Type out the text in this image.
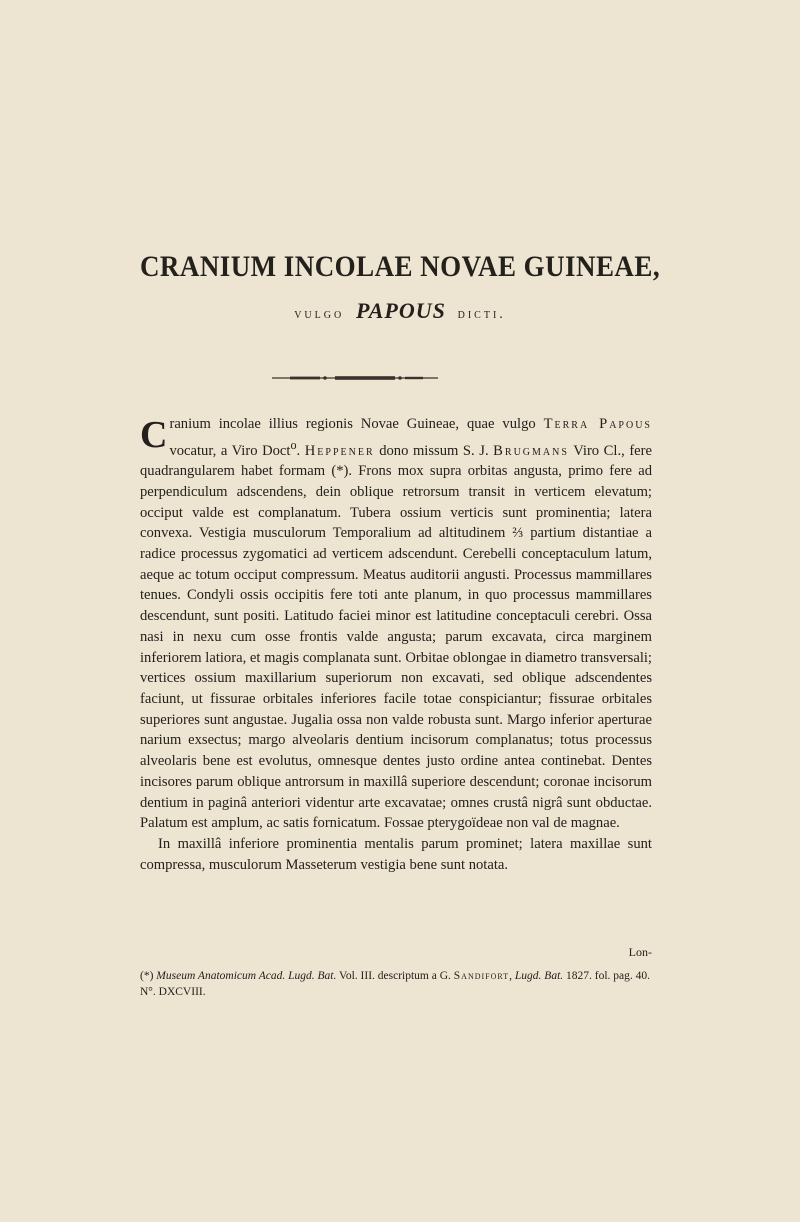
CRANIUM INCOLAE NOVAE GUINEAE,
vulgo PAPOUS dicti.

Cranium incolae illius regionis Novae Guineae, quae vulgo Terra Papous vocatur, a Viro Doct$^o$. Heppener dono missum S. J. Brugmans Viro Cl., fere quadrangularem habet formam (*). Frons mox supra orbitas angusta, primo fere ad perpendiculum adscendens, dein oblique retrorsum transit in verticem elevatum; occiput valde est complanatum. Tubera ossium verticis sunt prominentia; latera convexa. Vestigia musculorum Temporalium ad altitudinem ⅔ partium distantiae a radice processus zygomatici ad verticem adscendunt. Cerebelli conceptaculum latum, aeque ac totum occiput compressum. Meatus auditorii angusti. Processus mammillares tenues. Condyli ossis occipitis fere toti ante planum, in quo processus mammillares descendunt, sunt positi. Latitudo faciei minor est latitudine conceptaculi cerebri. Ossa nasi in nexu cum osse frontis valde angusta; parum excavata, circa marginem inferiorem latiora, et magis complanata sunt. Orbitae oblongae in diametro transversali; vertices ossium maxillarium superiorum non excavati, sed oblique adscendentes faciunt, ut fissurae orbitales inferiores facile totae conspiciantur; fissurae orbitales superiores sunt angustae. Jugalia ossa non valde robusta sunt. Margo inferior aperturae narium exsectus; margo alveolaris dentium incisorum complanatus; totus processus alveolaris bene est evolutus, omnesque dentes justo ordine antea continebat. Dentes incisores parum oblique antrorsum in maxillâ superiore descendunt; coronae incisorum dentium in paginâ anteriori videntur arte excavatae; omnes crustâ nigrâ sunt obductae. Palatum est amplum, ac satis fornicatum. Fossae pterygoïdeae non val de magnae.

In maxillâ inferiore prominentia mentalis parum prominet; latera maxillae sunt compressa, musculorum Masseterum vestigia bene sunt notata.

Lon-
(*) Museum Anatomicum Acad. Lugd. Bat. Vol. III. descriptum a G. Sandifort, Lugd. Bat. 1827. fol. pag. 40. N°. DXCVIII.
